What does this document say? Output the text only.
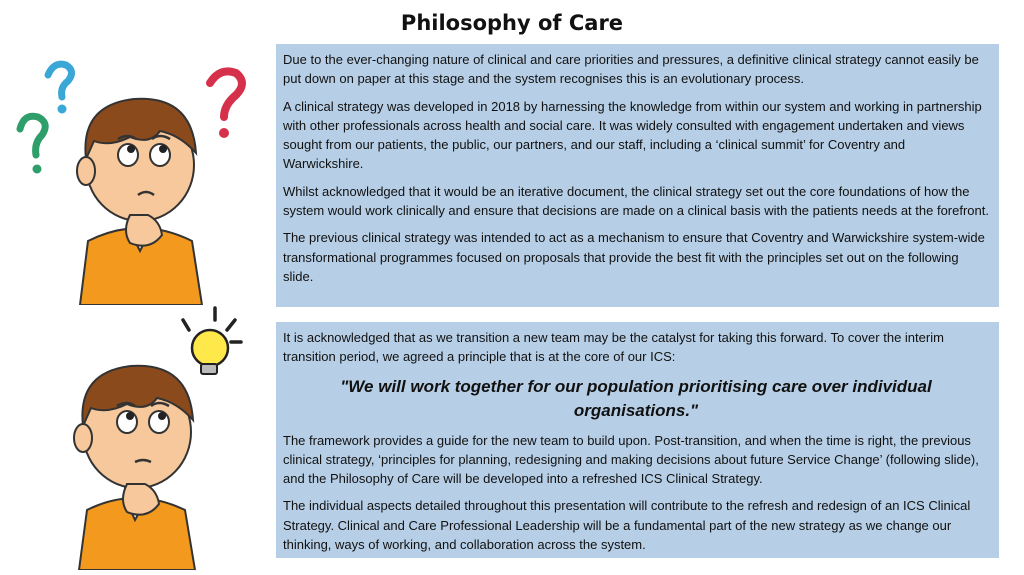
Philosophy of Care

Due to the ever-changing nature of clinical and care priorities and pressures, a definitive clinical strategy cannot easily be put down on paper at this stage and the system recognises this is an evolutionary process.

A clinical strategy was developed in 2018 by harnessing the knowledge from within our system and working in partnership with other professionals across health and social care. It was widely consulted with engagement undertaken and views sought from our patients, the public, our partners, and our staff, including a ‘clinical summit’ for Coventry and Warwickshire.

Whilst acknowledged that it would be an iterative document, the clinical strategy set out the core foundations of how the system would work clinically and ensure that decisions are made on a clinical basis with the patients needs at the forefront.

The previous clinical strategy was intended to act as a mechanism to ensure that Coventry and Warwickshire system-wide transformational programmes focused on proposals that provide the best fit with the principles set out on the following slide.

It is acknowledged that as we transition a new team may be the catalyst for taking this forward. To cover the interim transition period, we agreed a principle that is at the core of our ICS:

"We will work together for our population prioritising care over individual organisations."

The framework provides a guide for the new team to build upon. Post-transition, and when the time is right, the previous clinical strategy, ‘principles for planning, redesigning and making decisions about future Service Change’ (following slide), and the Philosophy of Care will be developed into a refreshed ICS Clinical Strategy.

The individual aspects detailed throughout this presentation will contribute to the refresh and redesign of an ICS Clinical Strategy. Clinical and Care Professional Leadership will be a fundamental part of the new strategy as we change our thinking, ways of working, and collaboration across the system.
